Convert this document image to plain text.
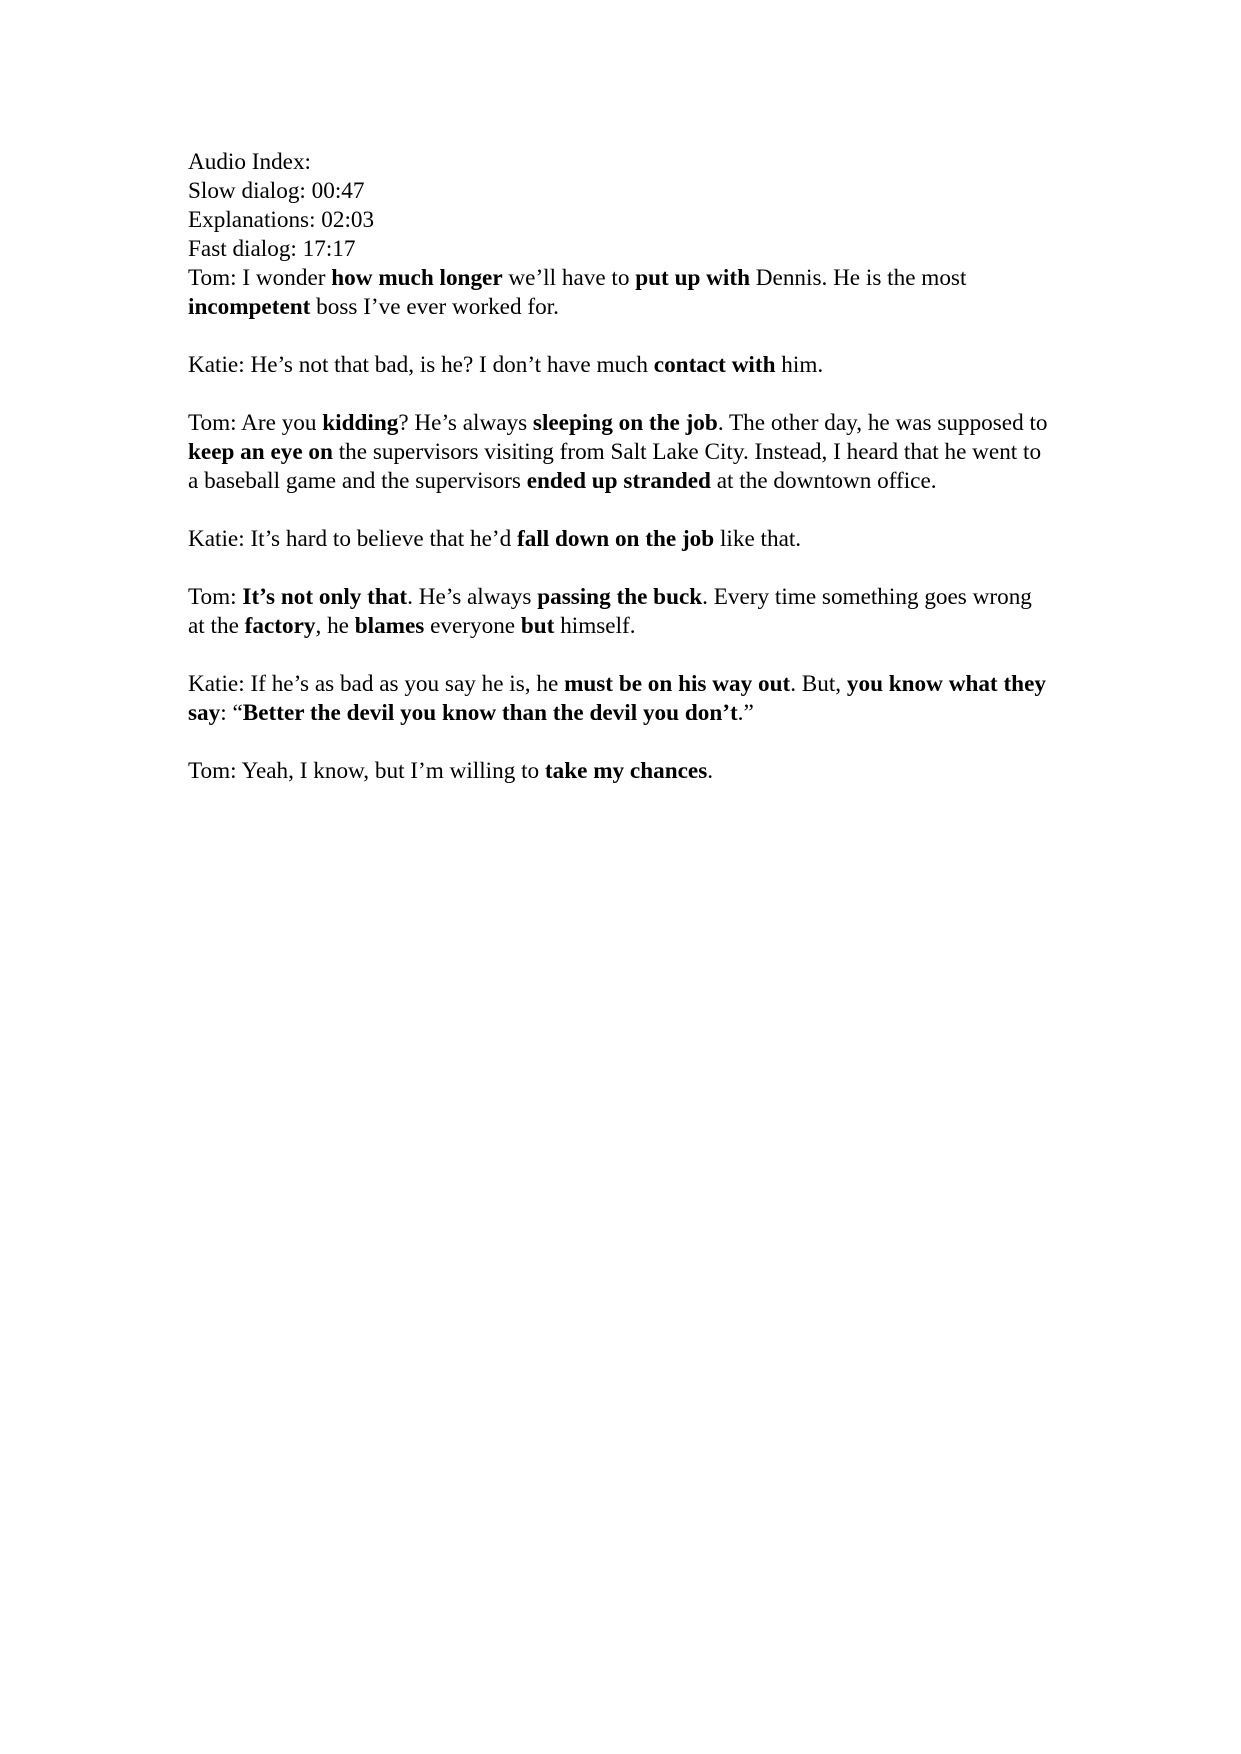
Audio Index:

Slow dialog: 00:47

Explanations: 02:03

Fast dialog: 17:17

Tom: I wonder how much longer we’ll have to put up with Dennis. He is the most incompetent boss I’ve ever worked for.

Katie: He’s not that bad, is he? I don’t have much contact with him.

Tom: Are you kidding? He’s always sleeping on the job. The other day, he was supposed to keep an eye on the supervisors visiting from Salt Lake City. Instead, I heard that he went to a baseball game and the supervisors ended up stranded at the downtown office.

Katie: It’s hard to believe that he’d fall down on the job like that.

Tom: It’s not only that. He’s always passing the buck. Every time something goes wrong at the factory, he blames everyone but himself.

Katie: If he’s as bad as you say he is, he must be on his way out. But, you know what they say: “Better the devil you know than the devil you don’t.”

Tom: Yeah, I know, but I’m willing to take my chances.
